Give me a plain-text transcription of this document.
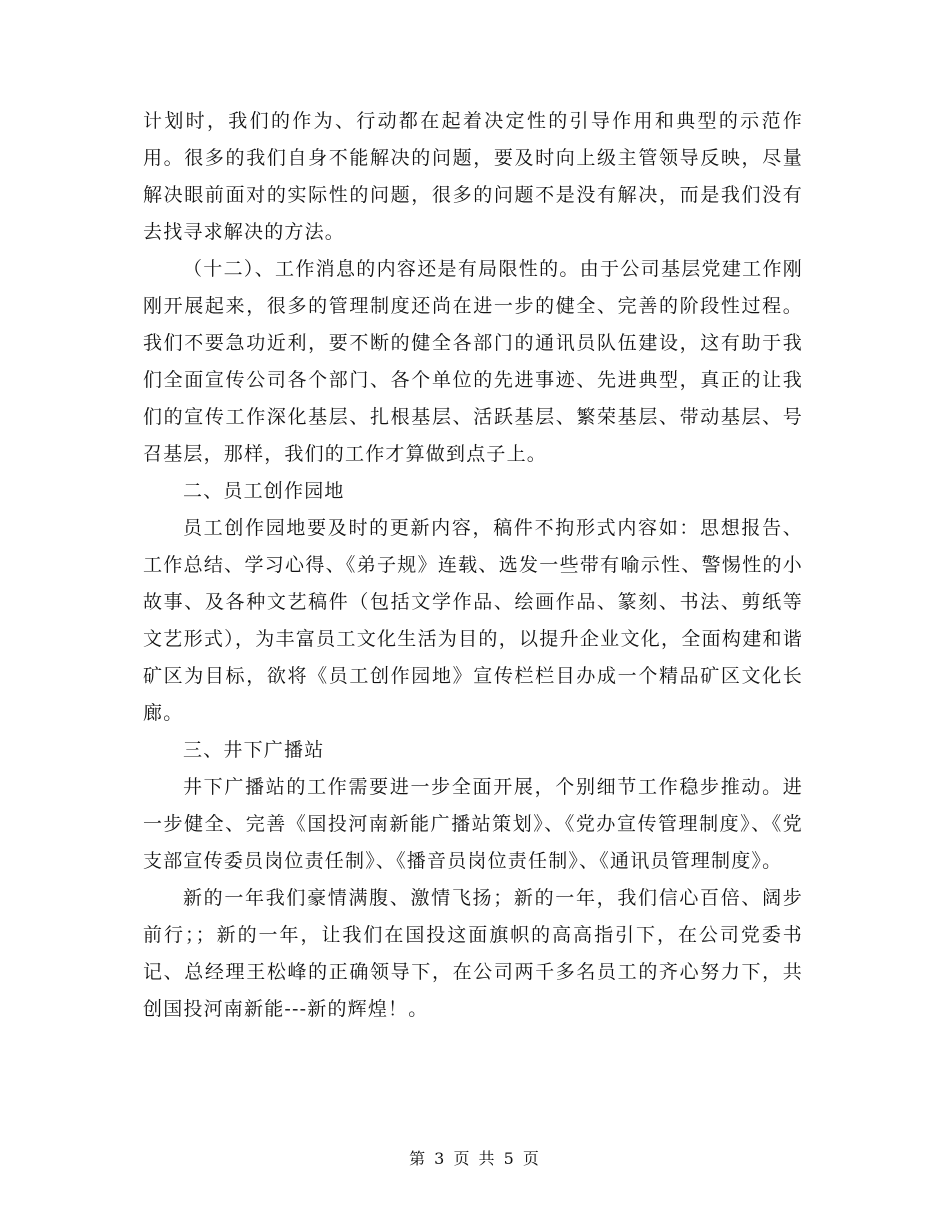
计划时，我们的作为、行动都在起着决定性的引导作用和典型的示范作用。很多的我们自身不能解决的问题，要及时向上级主管领导反映，尽量解决眼前面对的实际性的问题，很多的问题不是没有解决，而是我们没有去找寻求解决的方法。

（十二）、工作消息的内容还是有局限性的。由于公司基层党建工作刚刚开展起来，很多的管理制度还尚在进一步的健全、完善的阶段性过程。我们不要急功近利，要不断的健全各部门的通讯员队伍建设，这有助于我们全面宣传公司各个部门、各个单位的先进事迹、先进典型，真正的让我们的宣传工作深化基层、扎根基层、活跃基层、繁荣基层、带动基层、号召基层，那样，我们的工作才算做到点子上。

二、员工创作园地

员工创作园地要及时的更新内容，稿件不拘形式内容如：思想报告、工作总结、学习心得、《弟子规》连载、选发一些带有喻示性、警惕性的小故事、及各种文艺稿件（包括文学作品、绘画作品、篆刻、书法、剪纸等文艺形式），为丰富员工文化生活为目的，以提升企业文化，全面构建和谐矿区为目标，欲将《员工创作园地》宣传栏栏目办成一个精品矿区文化长廊。

三、井下广播站

井下广播站的工作需要进一步全面开展，个别细节工作稳步推动。进一步健全、完善《国投河南新能广播站策划》、《党办宣传管理制度》、《党支部宣传委员岗位责任制》、《播音员岗位责任制》、《通讯员管理制度》。

新的一年我们豪情满腹、激情飞扬；新的一年，我们信心百倍、阔步前行；；新的一年，让我们在国投这面旗帜的高高指引下，在公司党委书记、总经理王松峰的正确领导下，在公司两千多名员工的齐心努力下，共创国投河南新能---新的辉煌！。

第 3 页 共 5 页
